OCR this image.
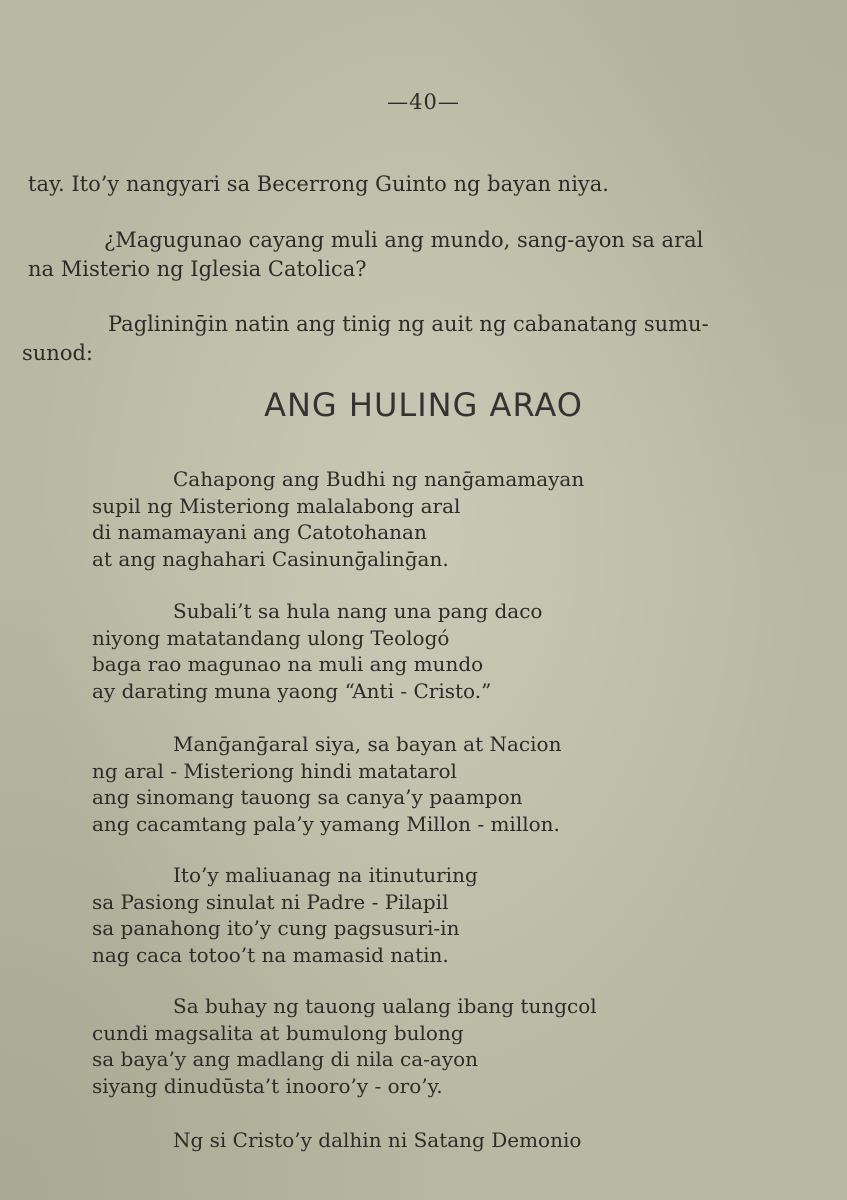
—40—
tay. Ito’y nangyari sa Becerrong Guinto ng bayan niya.
¿Magugunao cayang muli ang mundo, sang-ayon sa aral
na Misterio ng Iglesia Catolica?
Paglininḡin natin ang tinig ng auit ng cabanatang sumu-
sunod:
ANG HULING ARAO
Cahapong ang Budhi ng nanḡamamayan
supil ng Misteriong malalabong aral
di namamayani ang Catotohanan
at ang naghahari Casinunḡalinḡan.
Subali’t sa hula nang una pang daco
niyong matatandang ulong Teologó
baga rao magunao na muli ang mundo
ay darating muna yaong “Anti - Cristo.”
Manḡanḡaral siya, sa bayan at Nacion
ng aral - Misteriong hindi matatarol
ang sinomang tauong sa canya’y paampon
ang cacamtang pala’y yamang Millon - millon.
Ito’y maliuanag na itinuturing
sa Pasiong sinulat ni Padre - Pilapil
sa panahong ito’y cung pagsusuri-in
nag caca totoo’t na mamasid natin.
Sa buhay ng tauong ualang ibang tungcol
cundi magsalita at bumulong bulong
sa baya’y ang madlang di nila ca-ayon
siyang dinudūsta’t inooro’y - oro’y.
Ng si Cristo’y dalhin ni Satang Demonio
